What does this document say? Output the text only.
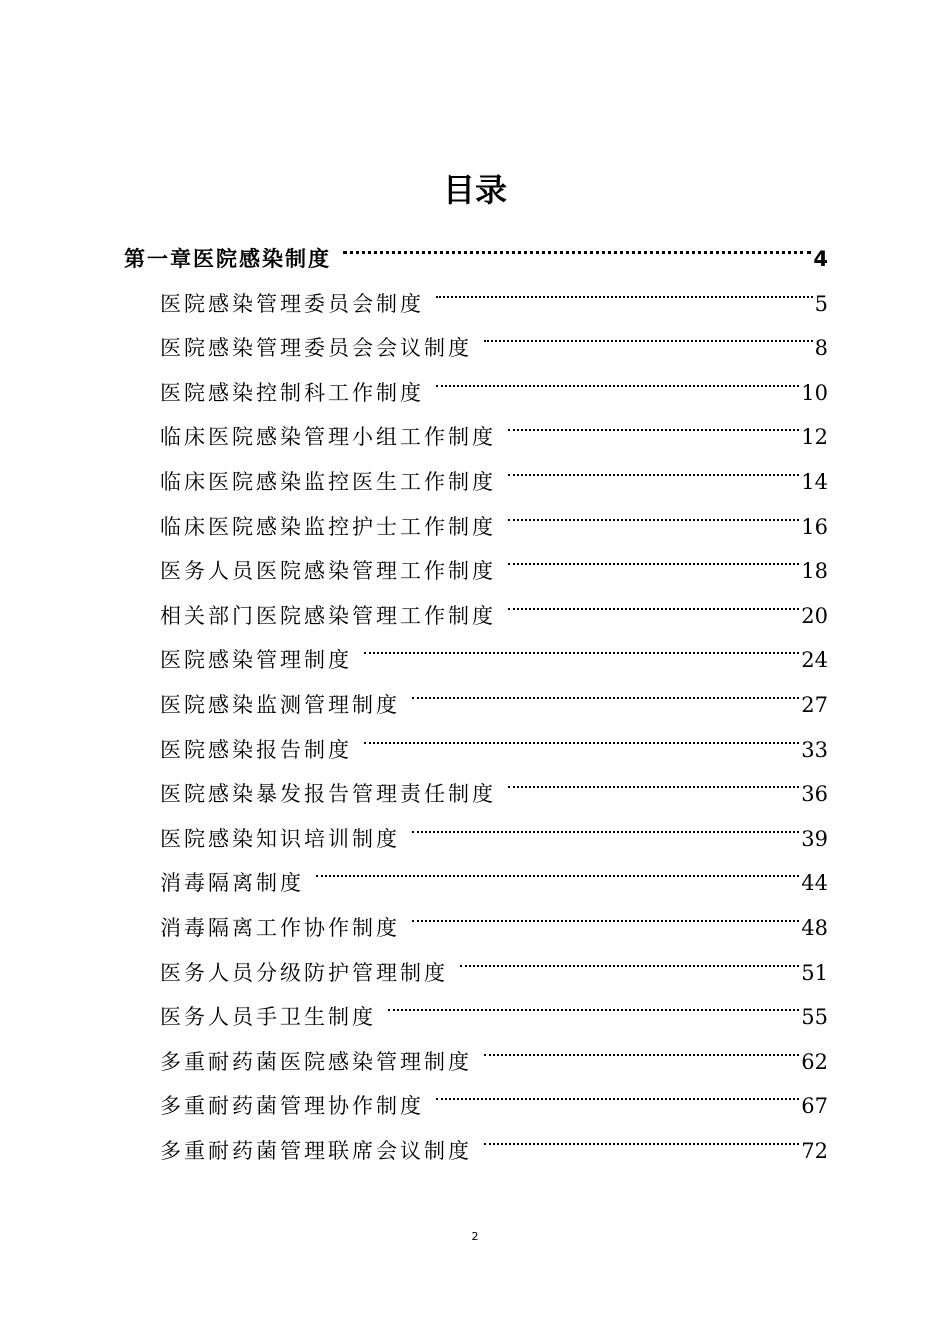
目录
第一章医院感染制度	4
医院感染管理委员会制度	5
医院感染管理委员会会议制度	8
医院感染控制科工作制度	10
临床医院感染管理小组工作制度	12
临床医院感染监控医生工作制度	14
临床医院感染监控护士工作制度	16
医务人员医院感染管理工作制度	18
相关部门医院感染管理工作制度	20
医院感染管理制度	24
医院感染监测管理制度	27
医院感染报告制度	33
医院感染暴发报告管理责任制度	36
医院感染知识培训制度	39
消毒隔离制度	44
消毒隔离工作协作制度	48
医务人员分级防护管理制度	51
医务人员手卫生制度	55
多重耐药菌医院感染管理制度	62
多重耐药菌管理协作制度	67
多重耐药菌管理联席会议制度	72
2
